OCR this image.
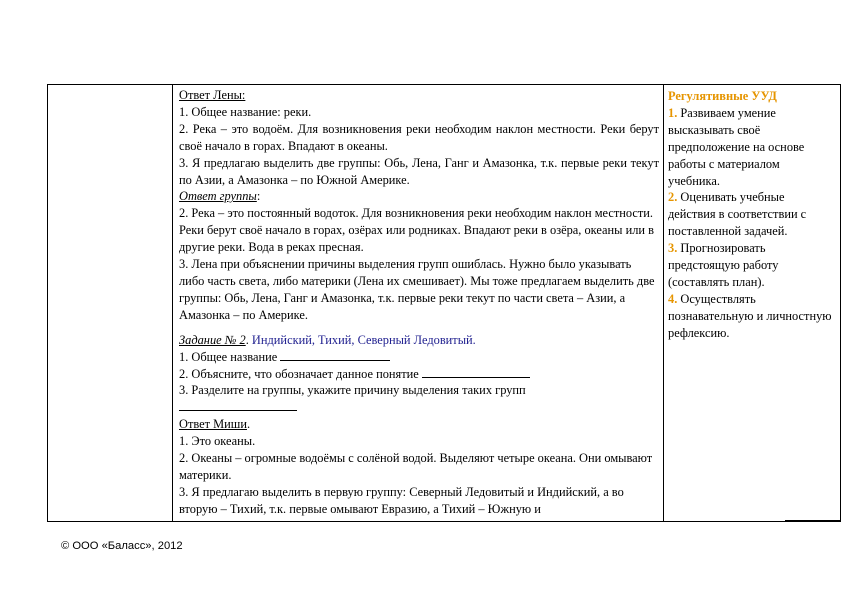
Ответ Лены:

1. Общее название: реки.

2. Река – это водоём. Для возникновения реки необходим наклон местности. Реки берут своё начало в горах. Впадают в океаны.

3. Я предлагаю выделить две группы: Обь, Лена, Ганг и Амазонка, т.к. первые реки текут по Азии, а Амазонка – по Южной Америке.

Ответ группы:

2. Река – это постоянный водоток. Для возникновения реки необходим наклон местности. Реки берут своё начало в горах, озёрах или родниках. Впадают реки в озёра, океаны или в другие реки. Вода в реках пресная.

3. Лена при объяснении причины выделения групп ошиблась. Нужно было указывать либо часть света, либо материки (Лена их смешивает). Мы тоже предлагаем выделить две группы: Обь, Лена, Ганг и Амазонка, т.к. первые реки текут по части света – Азии, а Амазонка – по Америке.

Задание № 2. Индийский, Тихий, Северный Ледовитый.

1. Общее название

2. Объясните, что обозначает данное понятие

3. Разделите на группы, укажите причину выделения таких групп

Ответ Миши.

1. Это океаны.

2. Океаны – огромные водоёмы с солёной водой. Выделяют четыре океана. Они омывают материки.

3. Я предлагаю выделить в первую группу: Северный Ледовитый и Индийский, а во вторую – Тихий, т.к. первые омывают Евразию, а Тихий – Южную и

Регулятивные УУД

1. Развиваем умение высказывать своё предположение на основе работы с материалом учебника.

2. Оценивать учебные действия в соответствии с поставленной задачей.

3. Прогнозировать предстоящую работу (составлять план).

4. Осуществлять познавательную и личностную рефлексию.

© ООО «Баласс», 2012
